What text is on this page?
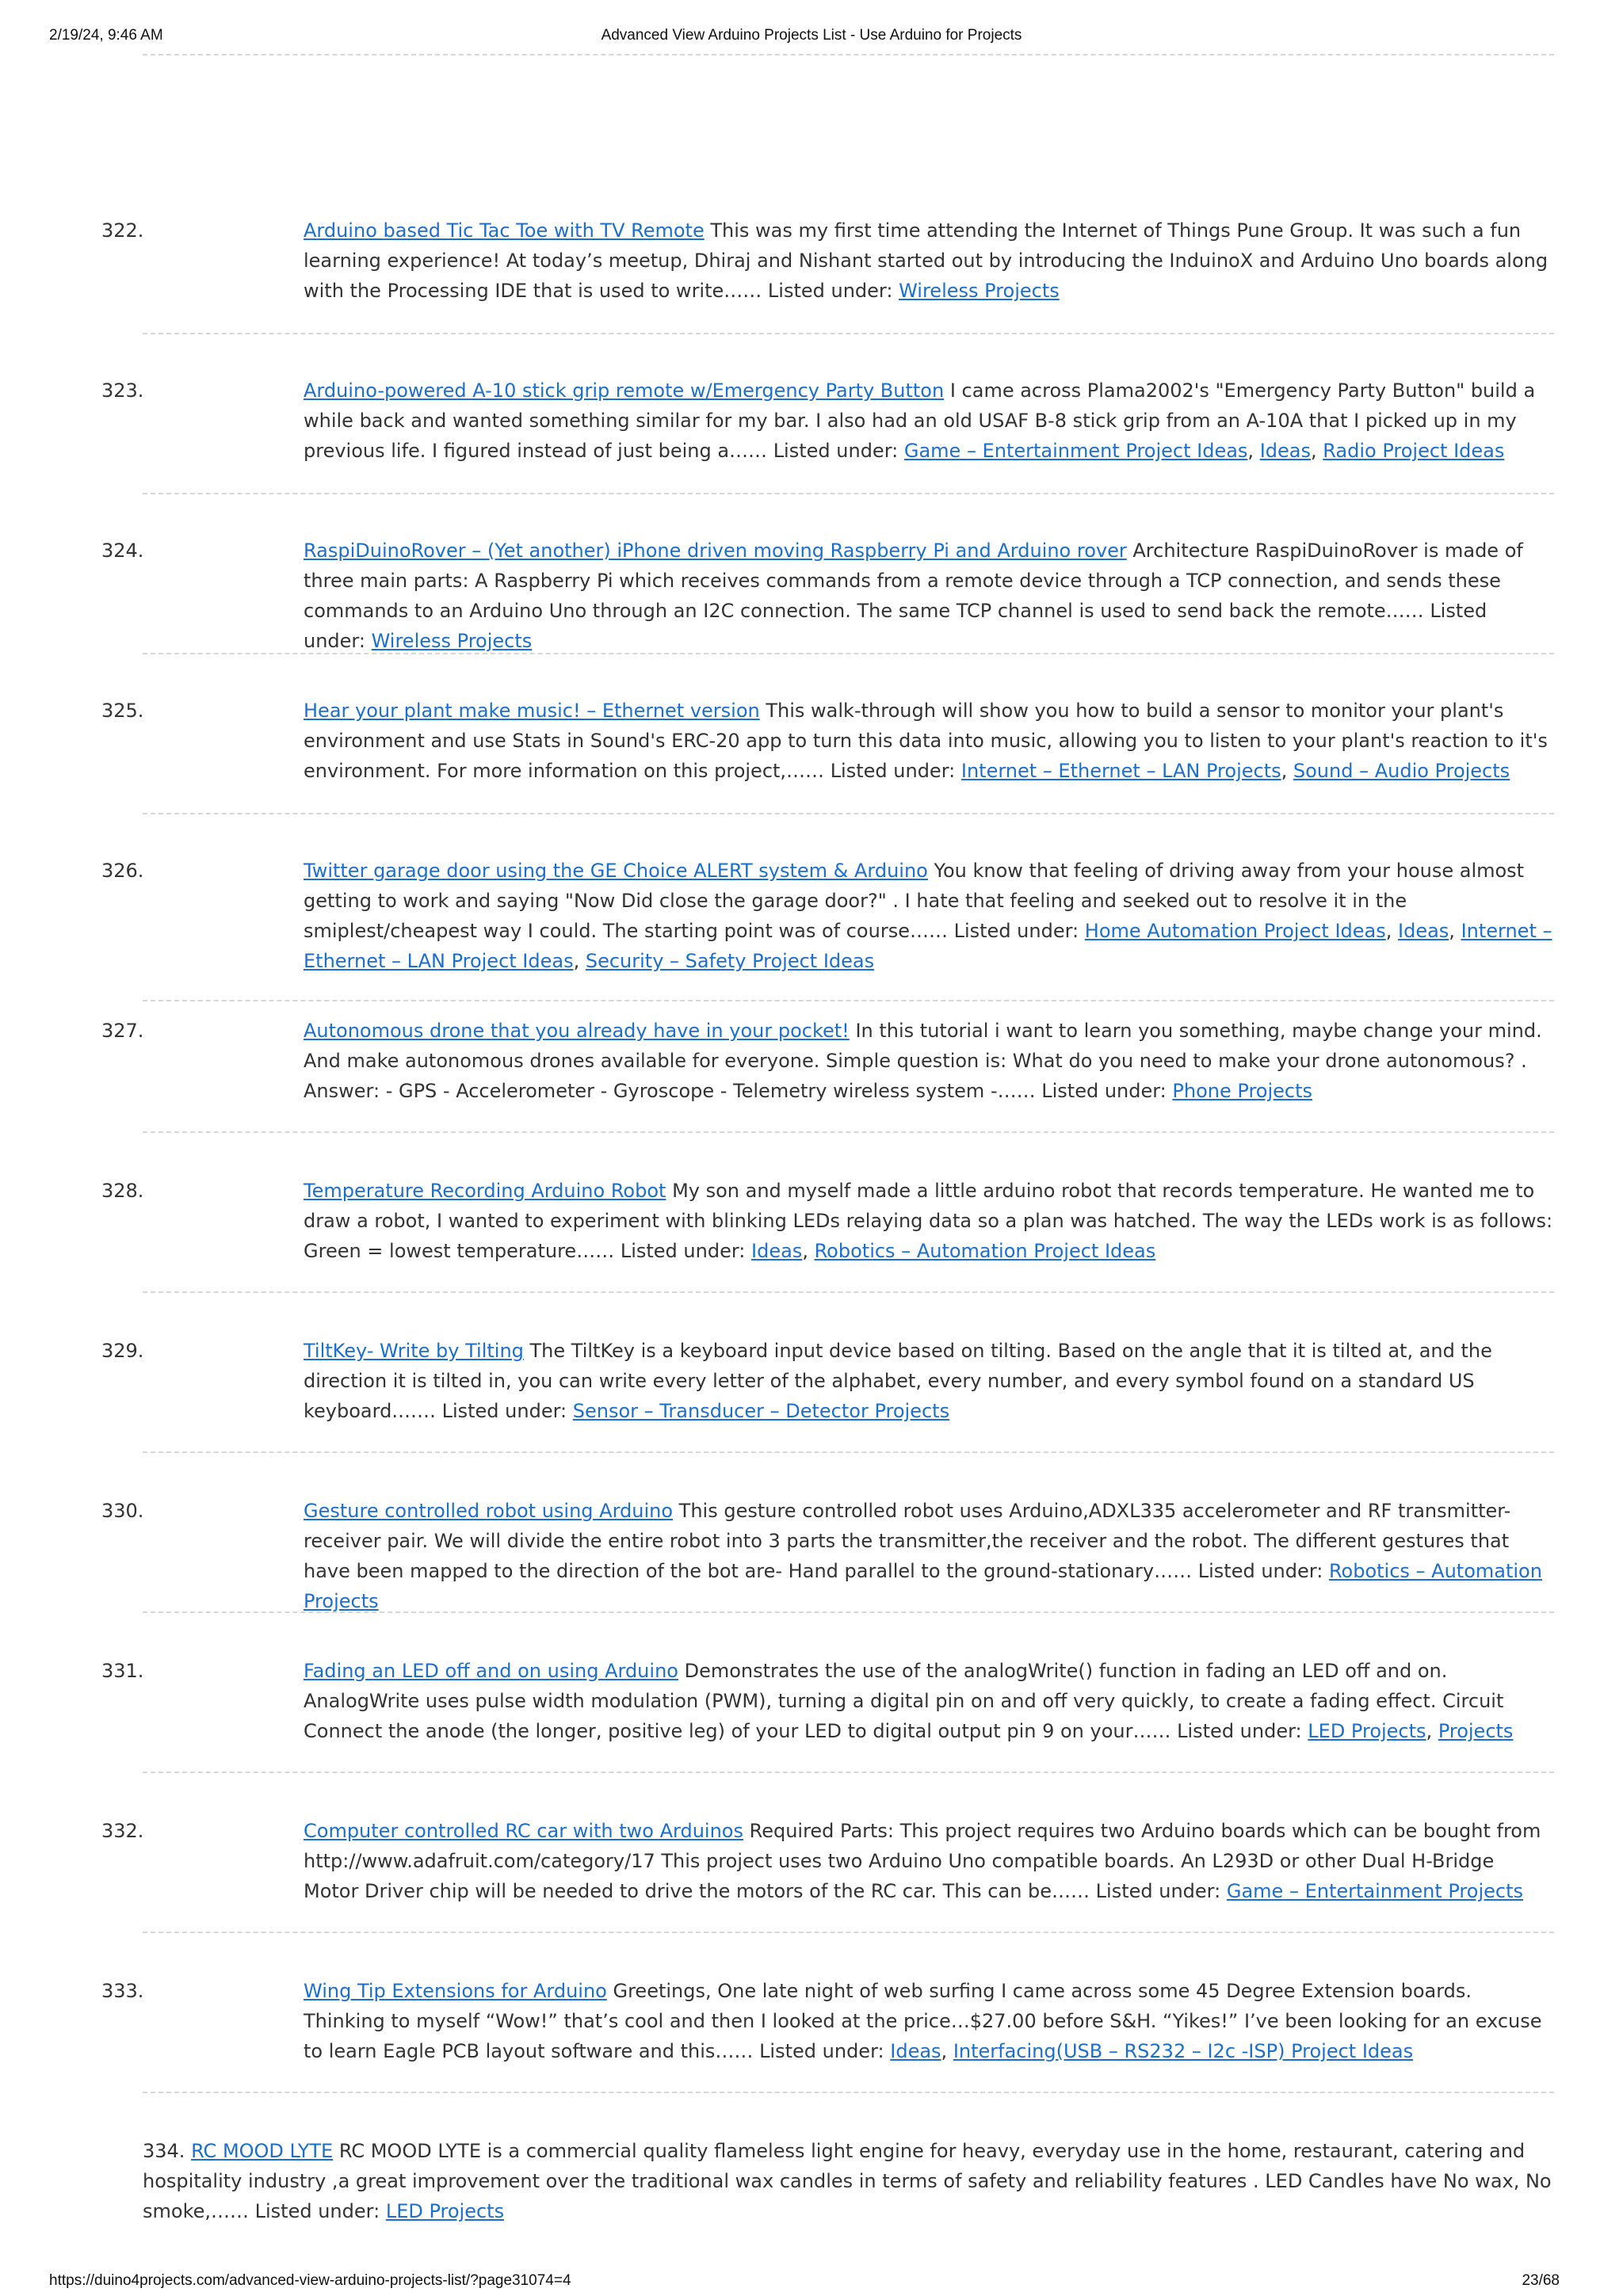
2/19/24, 9:46 AM	Advanced View Arduino Projects List - Use Arduino for Projects
322.	Arduino based Tic Tac Toe with TV Remote This was my first time attending the Internet of Things Pune Group. It was such a fun learning experience! At today’s meetup, Dhiraj and Nishant started out by introducing the InduinoX and Arduino Uno boards along with the Processing IDE that is used to write…… Listed under: Wireless Projects
323.	Arduino-powered A-10 stick grip remote w/Emergency Party Button I came across Plama2002's "Emergency Party Button" build a while back and wanted something similar for my bar. I also had an old USAF B-8 stick grip from an A-10A that I picked up in my previous life. I figured instead of just being a…… Listed under: Game – Entertainment Project Ideas, Ideas, Radio Project Ideas
324.	RaspiDuinoRover – (Yet another) iPhone driven moving Raspberry Pi and Arduino rover Architecture RaspiDuinoRover is made of three main parts: A Raspberry Pi which receives commands from a remote device through a TCP connection, and sends these commands to an Arduino Uno through an I2C connection. The same TCP channel is used to send back the remote…… Listed under: Wireless Projects
325.	Hear your plant make music! – Ethernet version This walk-through will show you how to build a sensor to monitor your plant's environment and use Stats in Sound's ERC-20 app to turn this data into music, allowing you to listen to your plant's reaction to it's environment. For more information on this project,…… Listed under: Internet – Ethernet – LAN Projects, Sound – Audio Projects
326.	Twitter garage door using the GE Choice ALERT system & Arduino You know that feeling of driving away from your house almost getting to work and saying "Now Did close the garage door?" . I hate that feeling and seeked out to resolve it in the smiplest/cheapest way I could. The starting point was of course…… Listed under: Home Automation Project Ideas, Ideas, Internet – Ethernet – LAN Project Ideas, Security – Safety Project Ideas
327.	Autonomous drone that you already have in your pocket! In this tutorial i want to learn you something, maybe change your mind. And make autonomous drones available for everyone. Simple question is: What do you need to make your drone autonomous? . Answer: - GPS - Accelerometer - Gyroscope - Telemetry wireless system -…… Listed under: Phone Projects
328.	Temperature Recording Arduino Robot My son and myself made a little arduino robot that records temperature. He wanted me to draw a robot, I wanted to experiment with blinking LEDs relaying data so a plan was hatched. The way the LEDs work is as follows: Green = lowest temperature…… Listed under: Ideas, Robotics – Automation Project Ideas
329.	TiltKey- Write by Tilting The TiltKey is a keyboard input device based on tilting. Based on the angle that it is tilted at, and the direction it is tilted in, you can write every letter of the alphabet, every number, and every symbol found on a standard US keyboard.…… Listed under: Sensor – Transducer – Detector Projects
330.	Gesture controlled robot using Arduino This gesture controlled robot uses Arduino,ADXL335 accelerometer and RF transmitter-receiver pair. We will divide the entire robot into 3 parts the transmitter,the receiver and the robot. The different gestures that have been mapped to the direction of the bot are- Hand parallel to the ground-stationary…… Listed under: Robotics – Automation Projects
331.	Fading an LED off and on using Arduino Demonstrates the use of the analogWrite() function in fading an LED off and on. AnalogWrite uses pulse width modulation (PWM), turning a digital pin on and off very quickly, to create a fading effect. Circuit Connect the anode (the longer, positive leg) of your LED to digital output pin 9 on your…… Listed under: LED Projects, Projects
332.	Computer controlled RC car with two Arduinos Required Parts: This project requires two Arduino boards which can be bought from http://www.adafruit.com/category/17 This project uses two Arduino Uno compatible boards. An L293D or other Dual H-Bridge Motor Driver chip will be needed to drive the motors of the RC car. This can be…… Listed under: Game – Entertainment Projects
333.	Wing Tip Extensions for Arduino Greetings, One late night of web surfing I came across some 45 Degree Extension boards. Thinking to myself “Wow!” that’s cool and then I looked at the price…$27.00 before S&H. “Yikes!” I’ve been looking for an excuse to learn Eagle PCB layout software and this…… Listed under: Ideas, Interfacing(USB – RS232 – I2c -ISP) Project Ideas
334. RC MOOD LYTE RC MOOD LYTE is a commercial quality flameless light engine for heavy, everyday use in the home, restaurant, catering and hospitality industry ,a great improvement over the traditional wax candles in terms of safety and reliability features . LED Candles have No wax, No smoke,…… Listed under: LED Projects
https://duino4projects.com/advanced-view-arduino-projects-list/?page31074=4	23/68
